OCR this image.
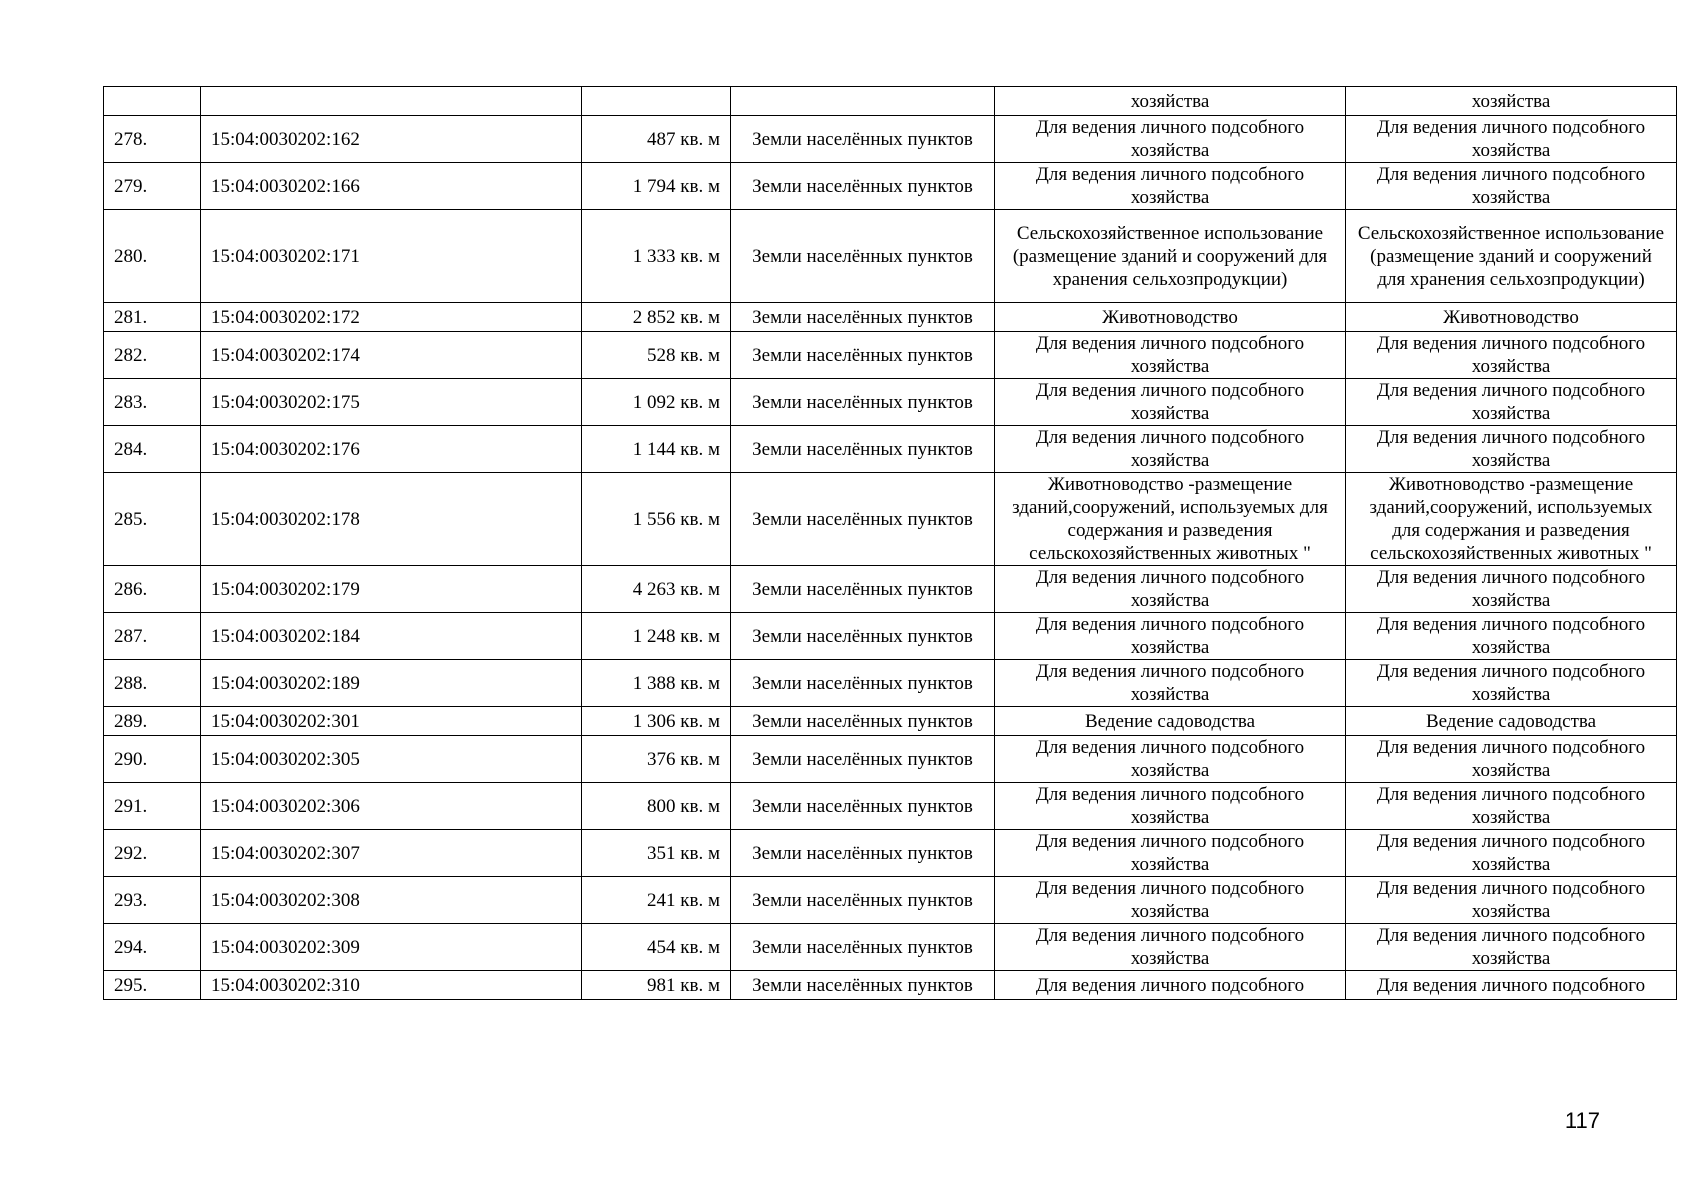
				хозяйства	хозяйства
278.	15:04:0030202:162	487 кв. м	Земли населённых пунктов	Для ведения личного подсобного хозяйства	Для ведения личного подсобного хозяйства
279.	15:04:0030202:166	1 794 кв. м	Земли населённых пунктов	Для ведения личного подсобного хозяйства	Для ведения личного подсобного хозяйства
280.	15:04:0030202:171	1 333 кв. м	Земли населённых пунктов	Сельскохозяйственное использование (размещение зданий и сооружений для хранения сельхозпродукции)	Сельскохозяйственное использование (размещение зданий и сооружений для хранения сельхозпродукции)
281.	15:04:0030202:172	2 852 кв. м	Земли населённых пунктов	Животноводство	Животноводство
282.	15:04:0030202:174	528 кв. м	Земли населённых пунктов	Для ведения личного подсобного хозяйства	Для ведения личного подсобного хозяйства
283.	15:04:0030202:175	1 092 кв. м	Земли населённых пунктов	Для ведения личного подсобного хозяйства	Для ведения личного подсобного хозяйства
284.	15:04:0030202:176	1 144 кв. м	Земли населённых пунктов	Для ведения личного подсобного хозяйства	Для ведения личного подсобного хозяйства
285.	15:04:0030202:178	1 556 кв. м	Земли населённых пунктов	Животноводство -размещение зданий,сооружений, используемых для содержания и разведения сельскохозяйственных животных "	Животноводство -размещение зданий,сооружений, используемых для содержания и разведения сельскохозяйственных животных "
286.	15:04:0030202:179	4 263 кв. м	Земли населённых пунктов	Для ведения личного подсобного хозяйства	Для ведения личного подсобного хозяйства
287.	15:04:0030202:184	1 248 кв. м	Земли населённых пунктов	Для ведения личного подсобного хозяйства	Для ведения личного подсобного хозяйства
288.	15:04:0030202:189	1 388 кв. м	Земли населённых пунктов	Для ведения личного подсобного хозяйства	Для ведения личного подсобного хозяйства
289.	15:04:0030202:301	1 306 кв. м	Земли населённых пунктов	Ведение садоводства	Ведение садоводства
290.	15:04:0030202:305	376 кв. м	Земли населённых пунктов	Для ведения личного подсобного хозяйства	Для ведения личного подсобного хозяйства
291.	15:04:0030202:306	800 кв. м	Земли населённых пунктов	Для ведения личного подсобного хозяйства	Для ведения личного подсобного хозяйства
292.	15:04:0030202:307	351 кв. м	Земли населённых пунктов	Для ведения личного подсобного хозяйства	Для ведения личного подсобного хозяйства
293.	15:04:0030202:308	241 кв. м	Земли населённых пунктов	Для ведения личного подсобного хозяйства	Для ведения личного подсобного хозяйства
294.	15:04:0030202:309	454 кв. м	Земли населённых пунктов	Для ведения личного подсобного хозяйства	Для ведения личного подсобного хозяйства
295.	15:04:0030202:310	981 кв. м	Земли населённых пунктов	Для ведения личного подсобного	Для ведения личного подсобного
117
